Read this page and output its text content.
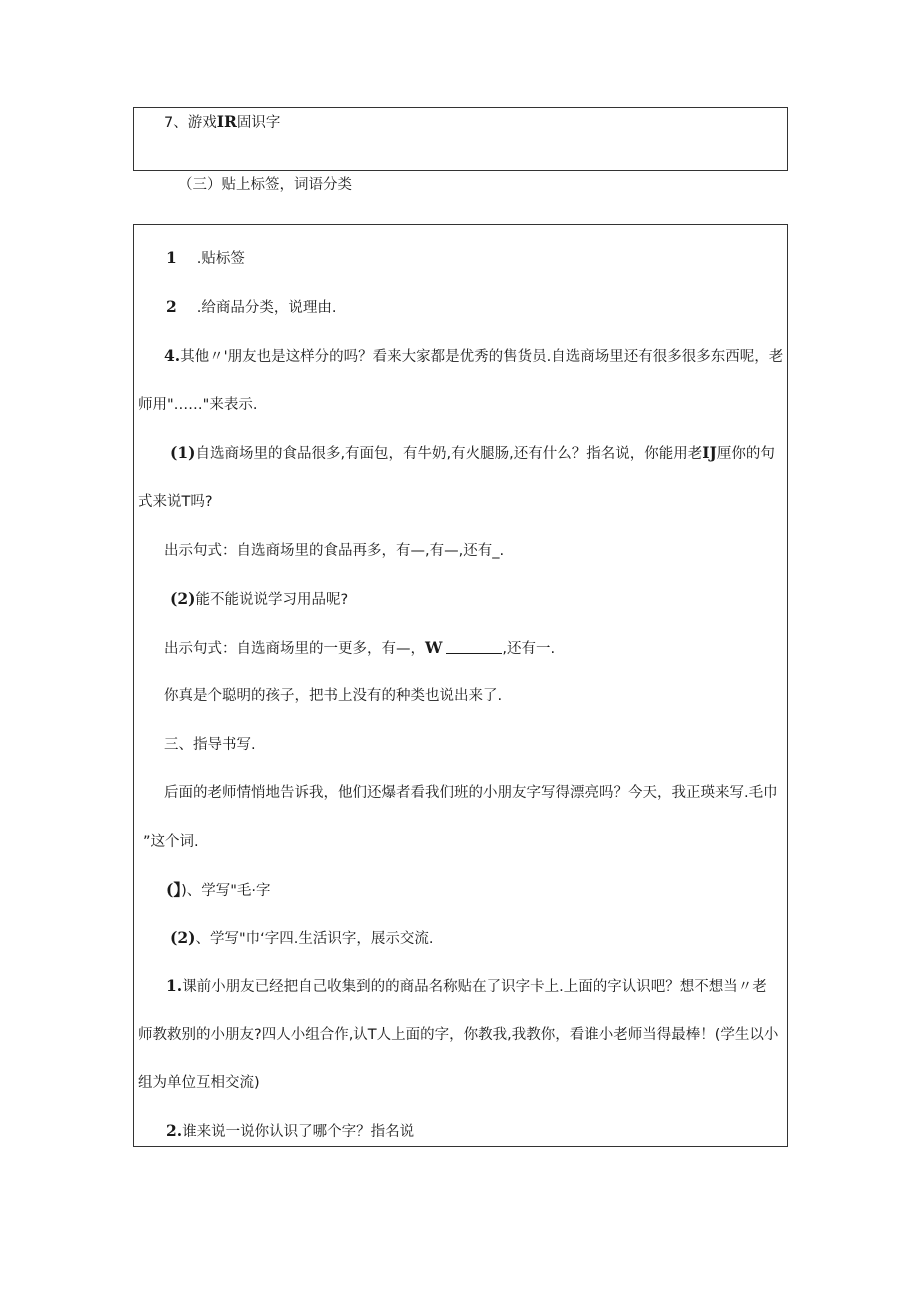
7、游戏IR固识字
（三）贴上标签，词语分类
1 .贴标签
2 .给商品分类，说理由.
4.其他〃'朋友也是这样分的吗？看来大家都是优秀的售货员.自选商场里还有很多很多东西呢，老
师用"……"来表示.
(1)自选商场里的食品很多,有面包，有牛奶,有火腿肠,还有什么？指名说，你能用老IJ厘你的句
式来说T吗?
出示句式：自选商场里的食品再多，有—,有—,还有_.
(2)能不能说说学习用品呢?
出示句式：自选商场里的一更多，有—，W	,还有一.
你真是个聪明的孩子，把书上没有的种类也说出来了.
三、指导书写.
后面的老师情悄地告诉我，他们还爆者看我们班的小朋友字写得漂亮吗？今天，我正瑛来写.毛巾
”这个词.
(】)、学写"毛·字
(2)、学写"巾‘字四.生活识字，展示交流.
1.课前小朋友已经把自己收集到的的商品名称贴在了识字卡上.上面的字认识吧？想不想当〃老
师教救别的小朋友?四人小组合作,认T人上面的字，你教我,我教你，看谁小老师当得最棒！(学生以小
组为单位互相交流)
2.谁来说一说你认识了哪个字？指名说
